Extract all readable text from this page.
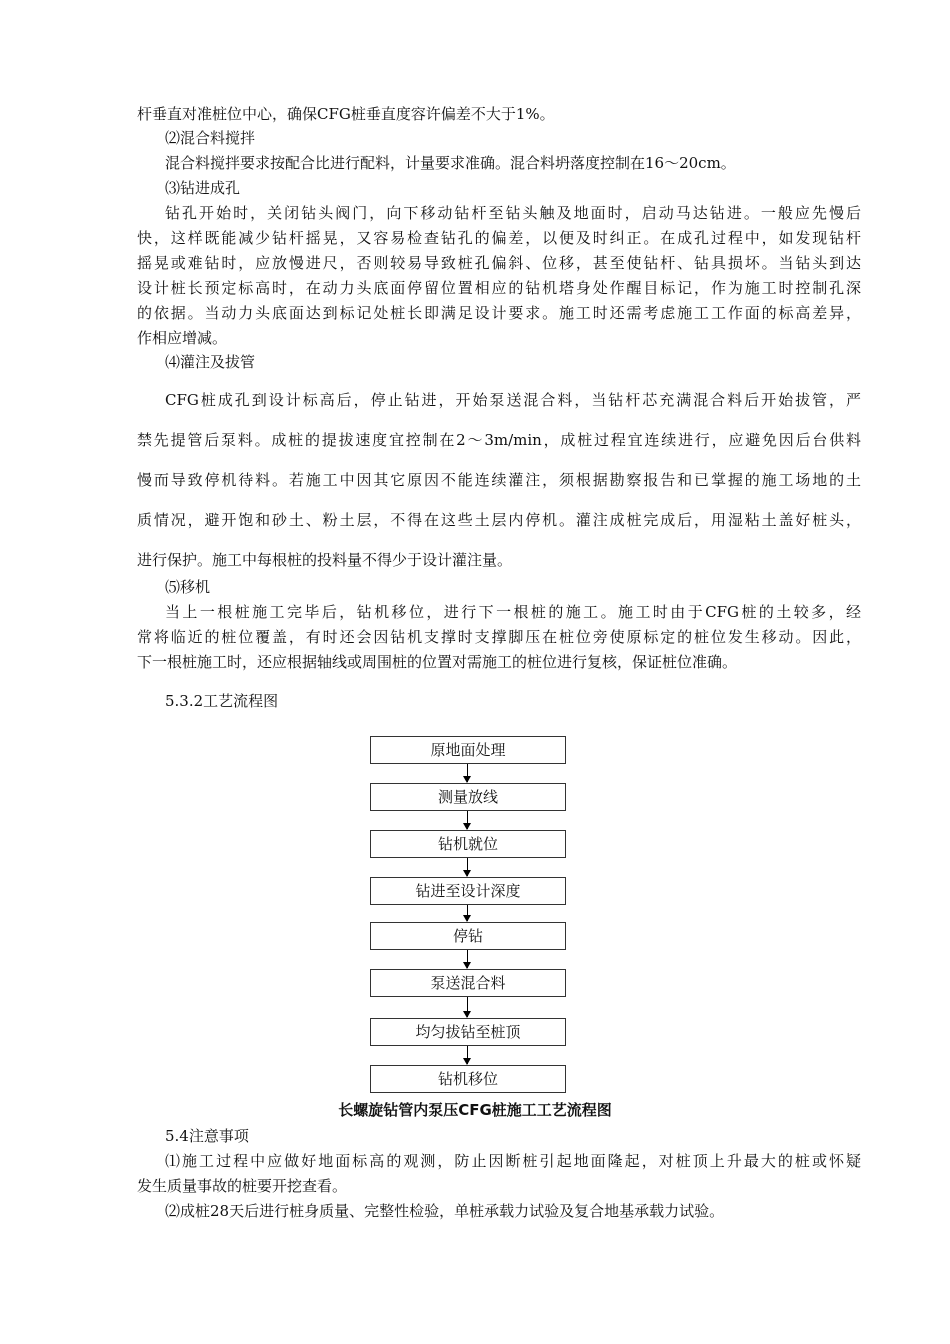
杆垂直对准桩位中心，确保CFG桩垂直度容许偏差不大于1%。
⑵混合料搅拌
混合料搅拌要求按配合比进行配料，计量要求准确。混合料坍落度控制在16～20cm。
⑶钻进成孔
钻孔开始时，关闭钻头阀门，向下移动钻杆至钻头触及地面时，启动马达钻进。一般应先慢后
快，这样既能减少钻杆摇晃，又容易检查钻孔的偏差，以便及时纠正。在成孔过程中，如发现钻杆
摇晃或难钻时，应放慢进尺，否则较易导致桩孔偏斜、位移，甚至使钻杆、钻具损坏。当钻头到达
设计桩长预定标高时，在动力头底面停留位置相应的钻机塔身处作醒目标记，作为施工时控制孔深
的依据。当动力头底面达到标记处桩长即满足设计要求。施工时还需考虑施工工作面的标高差异，
作相应增减。
⑷灌注及拔管
CFG桩成孔到设计标高后，停止钻进，开始泵送混合料，当钻杆芯充满混合料后开始拔管，严
禁先提管后泵料。成桩的提拔速度宜控制在2～3m/min，成桩过程宜连续进行，应避免因后台供料
慢而导致停机待料。若施工中因其它原因不能连续灌注，须根据勘察报告和已掌握的施工场地的土
质情况，避开饱和砂土、粉土层，不得在这些土层内停机。灌注成桩完成后，用湿粘土盖好桩头，
进行保护。施工中每根桩的投料量不得少于设计灌注量。
⑸移机
当上一根桩施工完毕后，钻机移位，进行下一根桩的施工。施工时由于CFG桩的土较多，经
常将临近的桩位覆盖，有时还会因钻机支撑时支撑脚压在桩位旁使原标定的桩位发生移动。因此，
下一根桩施工时，还应根据轴线或周围桩的位置对需施工的桩位进行复核，保证桩位准确。
5.3.2工艺流程图
原地面处理
测量放线
钻机就位
钻进至设计深度
停钻
泵送混合料
均匀拔钻至桩顶
钻机移位
长螺旋钻管内泵压CFG桩施工工艺流程图
5.4注意事项
⑴施工过程中应做好地面标高的观测，防止因断桩引起地面隆起，对桩顶上升最大的桩或怀疑
发生质量事故的桩要开挖查看。
⑵成桩28天后进行桩身质量、完整性检验，单桩承载力试验及复合地基承载力试验。
